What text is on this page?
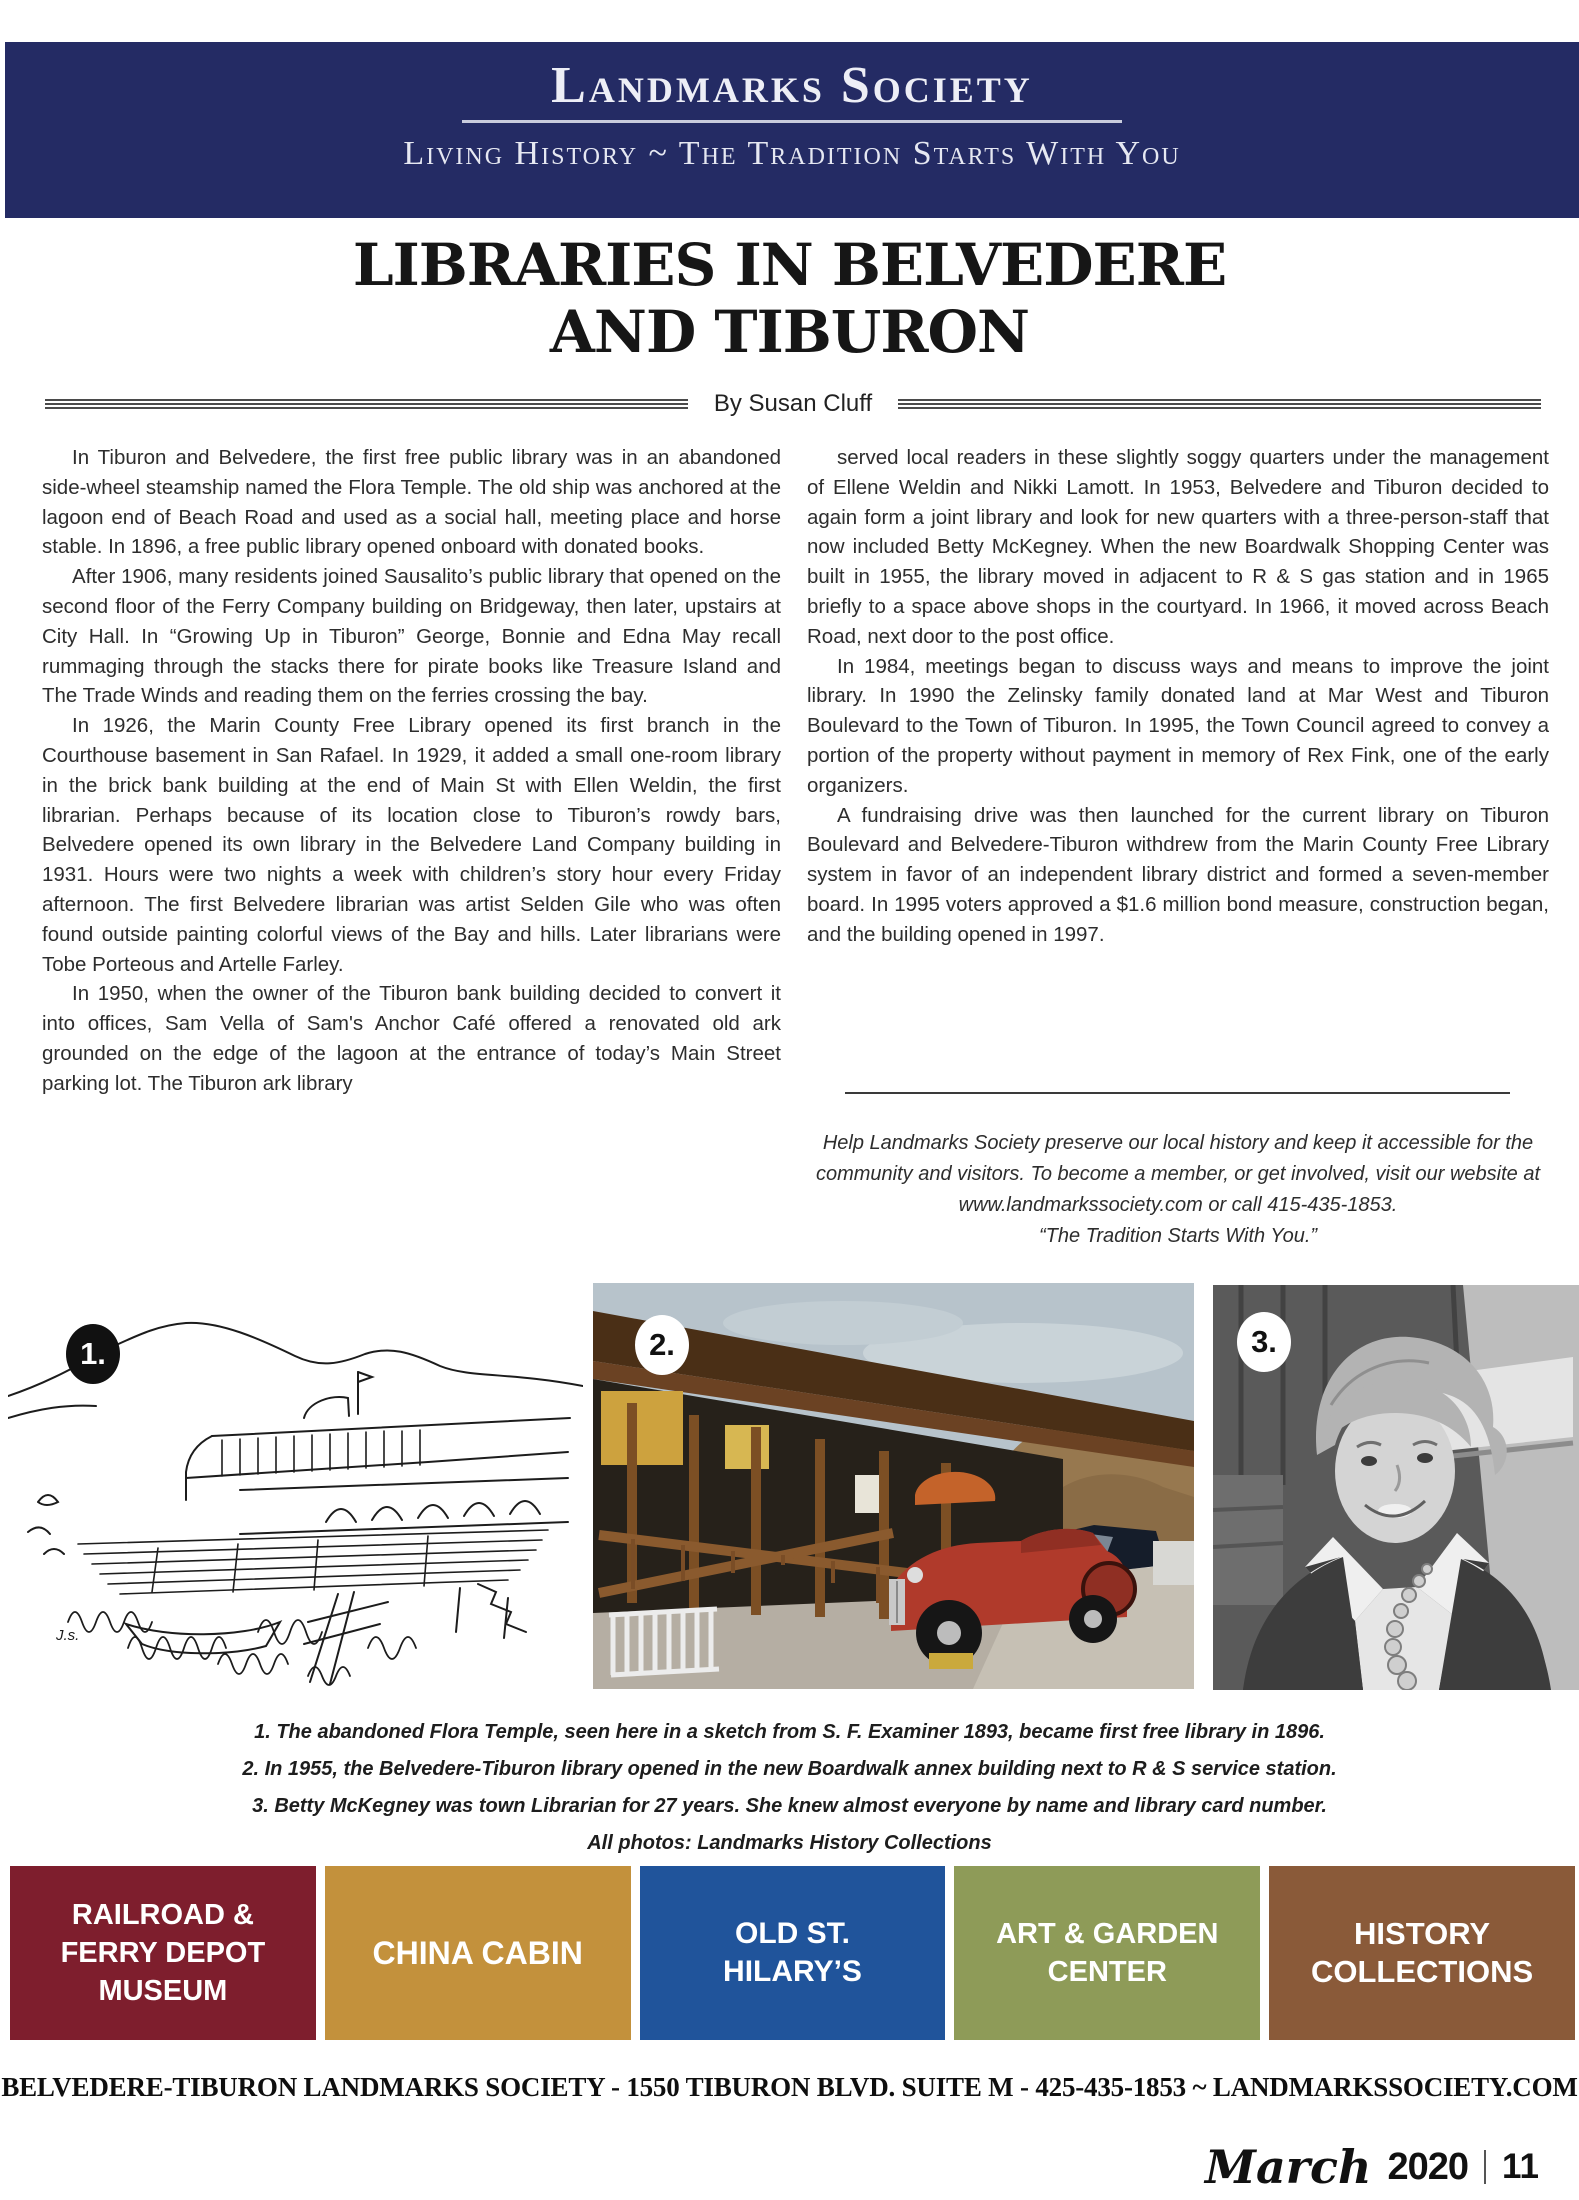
Landmarks Society
Living History ~ The Tradition Starts With You
LIBRARIES IN BELVEDERE
AND TIBURON
By Susan Cluff

In Tiburon and Belvedere, the first free public library was in an abandoned side-wheel steamship named the Flora Temple. The old ship was anchored at the lagoon end of Beach Road and used as a social hall, meeting place and horse stable. In 1896, a free public library opened onboard with donated books.

After 1906, many residents joined Sausalito’s public library that opened on the second floor of the Ferry Company building on Bridgeway, then later, upstairs at City Hall. In “Growing Up in Tiburon” George, Bonnie and Edna May recall rummaging through the stacks there for pirate books like Treasure Island and The Trade Winds and reading them on the ferries crossing the bay.

In 1926, the Marin County Free Library opened its first branch in the Courthouse basement in San Rafael. In 1929, it added a small one-room library in the brick bank building at the end of Main St with Ellen Weldin, the first librarian. Perhaps because of its location close to Tiburon’s rowdy bars, Belvedere opened its own library in the Belvedere Land Company building in 1931. Hours were two nights a week with children’s story hour every Friday afternoon. The first Belvedere librarian was artist Selden Gile who was often found outside painting colorful views of the Bay and hills. Later librarians were Tobe Porteous and Artelle Farley.

In 1950, when the owner of the Tiburon bank building decided to convert it into offices, Sam Vella of Sam's Anchor Café offered a renovated old ark grounded on the edge of the lagoon at the entrance of today’s Main Street parking lot. The Tiburon ark library

served local readers in these slightly soggy quarters under the management of Ellene Weldin and Nikki Lamott. In 1953, Belvedere and Tiburon decided to again form a joint library and look for new quarters with a three-person-staff that now included Betty McKegney. When the new Boardwalk Shopping Center was built in 1955, the library moved in adjacent to R & S gas station and in 1965 briefly to a space above shops in the courtyard. In 1966, it moved across Beach Road, next door to the post office.

In 1984, meetings began to discuss ways and means to improve the joint library. In 1990 the Zelinsky family donated land at Mar West and Tiburon Boulevard to the Town of Tiburon. In 1995, the Town Council agreed to convey a portion of the property without payment in memory of Rex Fink, one of the early organizers.

A fundraising drive was then launched for the current library on Tiburon Boulevard and Belvedere-Tiburon withdrew from the Marin County Free Library system in favor of an independent library district and formed a seven-member board. In 1995 voters approved a $1.6 million bond measure, construction began, and the building opened in 1997.

Help Landmarks Society preserve our local history and keep it accessible for the community and visitors. To become a member, or get involved, visit our website at www.landmarkssociety.com or call 415-435-1853.
“The Tradition Starts With You.”
J.s.
1.	2.	3.
1. The abandoned Flora Temple, seen here in a sketch from S. F. Examiner 1893, became first free library in 1896.
2. In 1955, the Belvedere-Tiburon library opened in the new Boardwalk annex building next to R & S service station.
3. Betty McKegney was town Librarian for 27 years. She knew almost everyone by name and library card number.
All photos: Landmarks History Collections
RAILROAD & FERRY DEPOT MUSEUM
CHINA CABIN
OLD ST. HILARY’S
ART & GARDEN CENTER
HISTORY COLLECTIONS
BELVEDERE-TIBURON LANDMARKS SOCIETY - 1550 TIBURON BLVD. SUITE M - 425-435-1853 ~ LANDMARKSSOCIETY.COM
March 2020 11
